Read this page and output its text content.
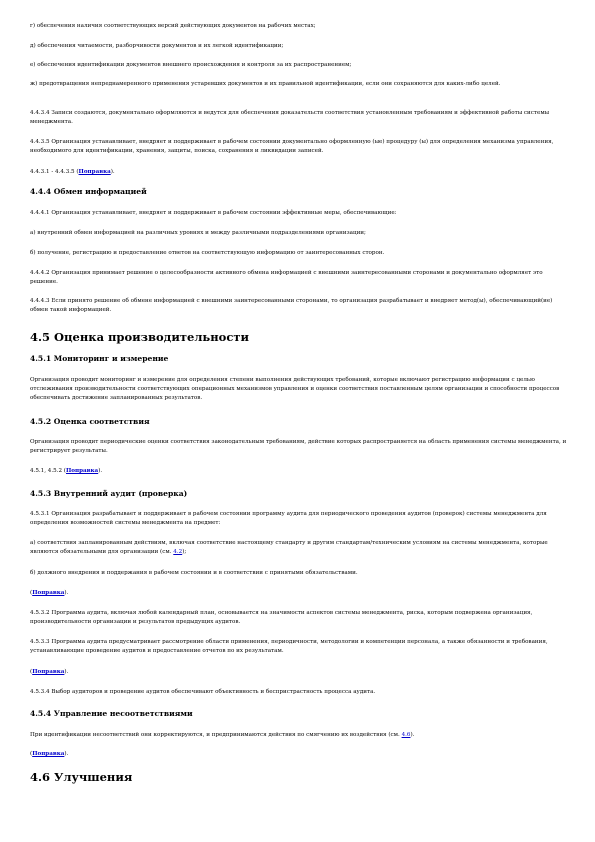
г) обеспечения наличия соответствующих версий действующих документов на рабочих местах;

д) обеспечения читаемости, разборчивости документов и их легкой идентификации;

е) обеспечения идентификации документов внешнего происхождения и контроля за их распространением;

ж) предотвращения непреднамеренного применения устаревших документов и их правильной идентификации, если они сохраняются для каких-либо целей.

4.4.3.4 Записи создаются, документально оформляются и ведутся для обеспечения доказательств соответствия установленным требованиям и эффективной работы системы менеджмента.

4.4.3.5 Организация устанавливает, внедряет и поддерживает в рабочем состоянии документально оформленную (ые) процедуру (ы) для определения механизма управления, необходимого для идентификации, хранения, защиты, поиска, сохранения и ликвидации записей.

4.4.3.1 - 4.4.3.5 (Поправка).

4.4.4 Обмен информацией

4.4.4.1 Организация устанавливает, внедряет и поддерживает в рабочем состоянии эффективные меры, обеспечивающие:

а) внутренний обмен информацией на различных уровнях и между различными подразделениями организации;

б) получение, регистрацию и предоставление ответов на соответствующую информацию от заинтересованных сторон.

4.4.4.2 Организация принимает решение о целесообразности активного обмена информацией с внешними заинтересованными сторонами и документально оформляет это решение.

4.4.4.3 Если принято решение об обмене информацией с внешними заинтересованными сторонами, то организация разрабатывает и внедряет метод(ы), обеспечивающий(ие) обмен такой информацией.

4.5 Оценка производительности
4.5.1 Мониторинг и измерение

Организация проводит мониторинг и измерение для определения степени выполнения действующих требований, которые включают регистрацию информации с целью отслеживания производительности соответствующих операционных механизмов управления и оценки соответствия поставленным целям организации и способности процессов обеспечивать достижение запланированных результатов.

4.5.2 Оценка соответствия

Организация проводит периодические оценки соответствия законодательным требованиям, действие которых распространяется на область применения системы менеджмента, и регистрирует результаты.

4.5.1, 4.5.2 (Поправка).

4.5.3 Внутренний аудит (проверка)

4.5.3.1 Организация разрабатывает и поддерживает в рабочем состоянии программу аудита для периодического проведения аудитов (проверок) системы менеджмента для определения возможностей системы менеджмента на предмет:

а) соответствия запланированным действиям, включая соответствие настоящему стандарту и другим стандартам/техническим условиям на системы менеджмента, которые являются обязательными для организации (см. 4.2);

б) должного внедрения и поддержания в рабочем состоянии и в соответствии с принятыми обязательствами.

(Поправка).

4.5.3.2 Программа аудита, включая любой календарный план, основывается на значимости аспектов системы менеджмента, риска, которым подвержена организация, производительности организации и результатов предыдущих аудитов.

4.5.3.3 Программа аудита предусматривает рассмотрение области применения, периодичности, методологии и компетенции персонала, а также обязанности и требования, устанавливающие проведение аудитов и предоставление отчетов по их результатам.

(Поправка).

4.5.3.4 Выбор аудиторов и проведение аудитов обеспечивают объективность и беспристрастность процесса аудита.

4.5.4 Управление несоответствиями

При идентификации несоответствий они корректируются, и предпринимаются действия по смягчению их воздействия (см. 4.6).

(Поправка).

4.6 Улучшения
